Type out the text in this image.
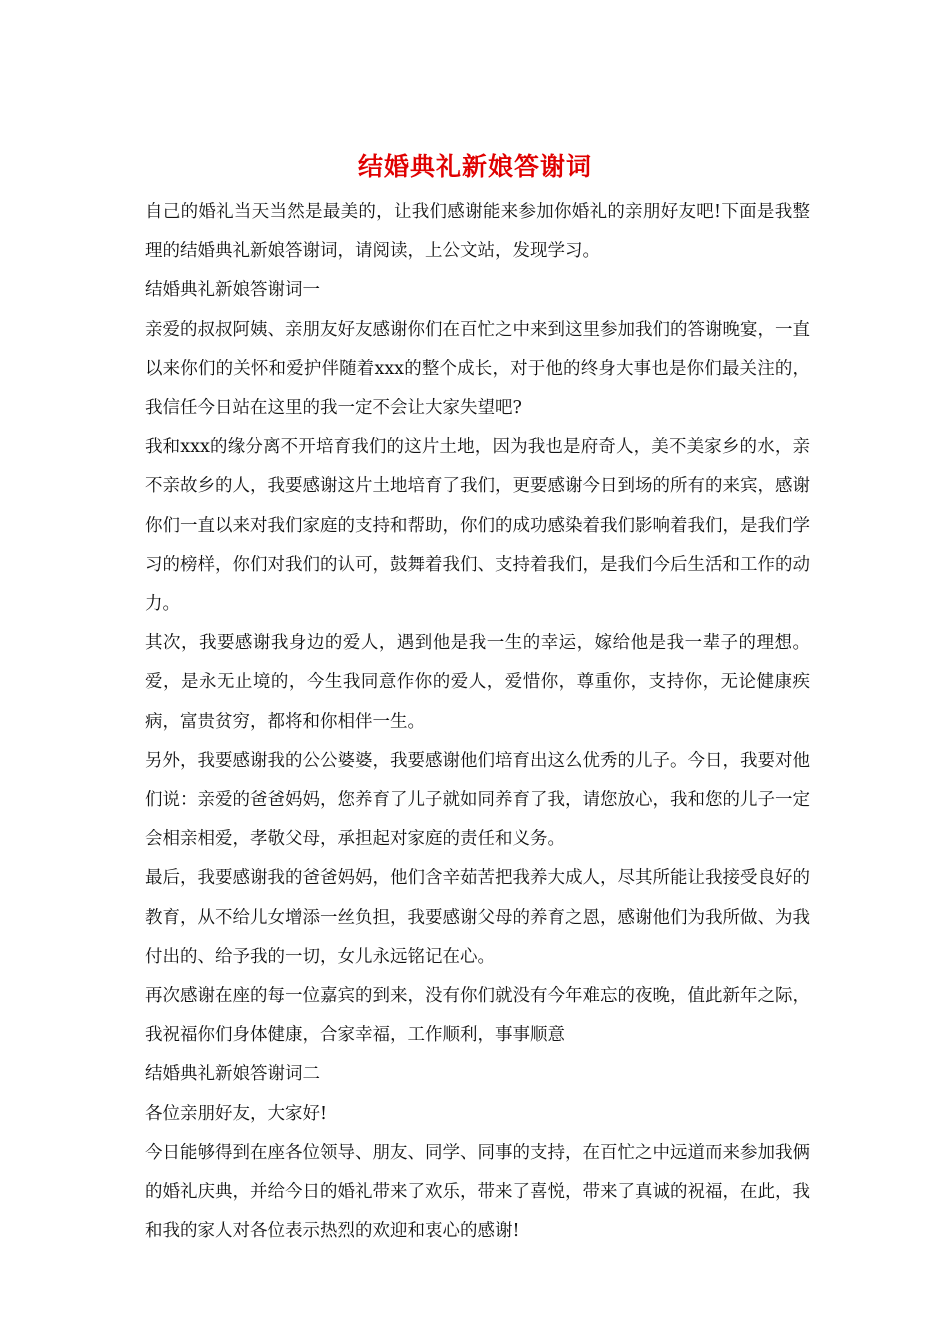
结婚典礼新娘答谢词

自己的婚礼当天当然是最美的，让我们感谢能来参加你婚礼的亲朋好友吧!下面是我整理的结婚典礼新娘答谢词，请阅读，上公文站，发现学习。

结婚典礼新娘答谢词一

亲爱的叔叔阿姨、亲朋友好友感谢你们在百忙之中来到这里参加我们的答谢晚宴，一直以来你们的关怀和爱护伴随着xxx的整个成长，对于他的终身大事也是你们最关注的，我信任今日站在这里的我一定不会让大家失望吧?

我和xxx的缘分离不开培育我们的这片土地，因为我也是府奇人，美不美家乡的水，亲不亲故乡的人，我要感谢这片土地培育了我们，更要感谢今日到场的所有的来宾，感谢你们一直以来对我们家庭的支持和帮助，你们的成功感染着我们影响着我们，是我们学习的榜样，你们对我们的认可，鼓舞着我们、支持着我们，是我们今后生活和工作的动力。

其次，我要感谢我身边的爱人，遇到他是我一生的幸运，嫁给他是我一辈子的理想。爱，是永无止境的，今生我同意作你的爱人，爱惜你，尊重你，支持你，无论健康疾病，富贵贫穷，都将和你相伴一生。

另外，我要感谢我的公公婆婆，我要感谢他们培育出这么优秀的儿子。今日，我要对他们说：亲爱的爸爸妈妈，您养育了儿子就如同养育了我，请您放心，我和您的儿子一定会相亲相爱，孝敬父母，承担起对家庭的责任和义务。

最后，我要感谢我的爸爸妈妈，他们含辛茹苦把我养大成人，尽其所能让我接受良好的教育，从不给儿女增添一丝负担，我要感谢父母的养育之恩，感谢他们为我所做、为我付出的、给予我的一切，女儿永远铭记在心。

再次感谢在座的每一位嘉宾的到来，没有你们就没有今年难忘的夜晚，值此新年之际，我祝福你们身体健康，合家幸福，工作顺利，事事顺意

结婚典礼新娘答谢词二

各位亲朋好友，大家好!

今日能够得到在座各位领导、朋友、同学、同事的支持，在百忙之中远道而来参加我俩的婚礼庆典，并给今日的婚礼带来了欢乐，带来了喜悦，带来了真诚的祝福，在此，我和我的家人对各位表示热烈的欢迎和衷心的感谢!
